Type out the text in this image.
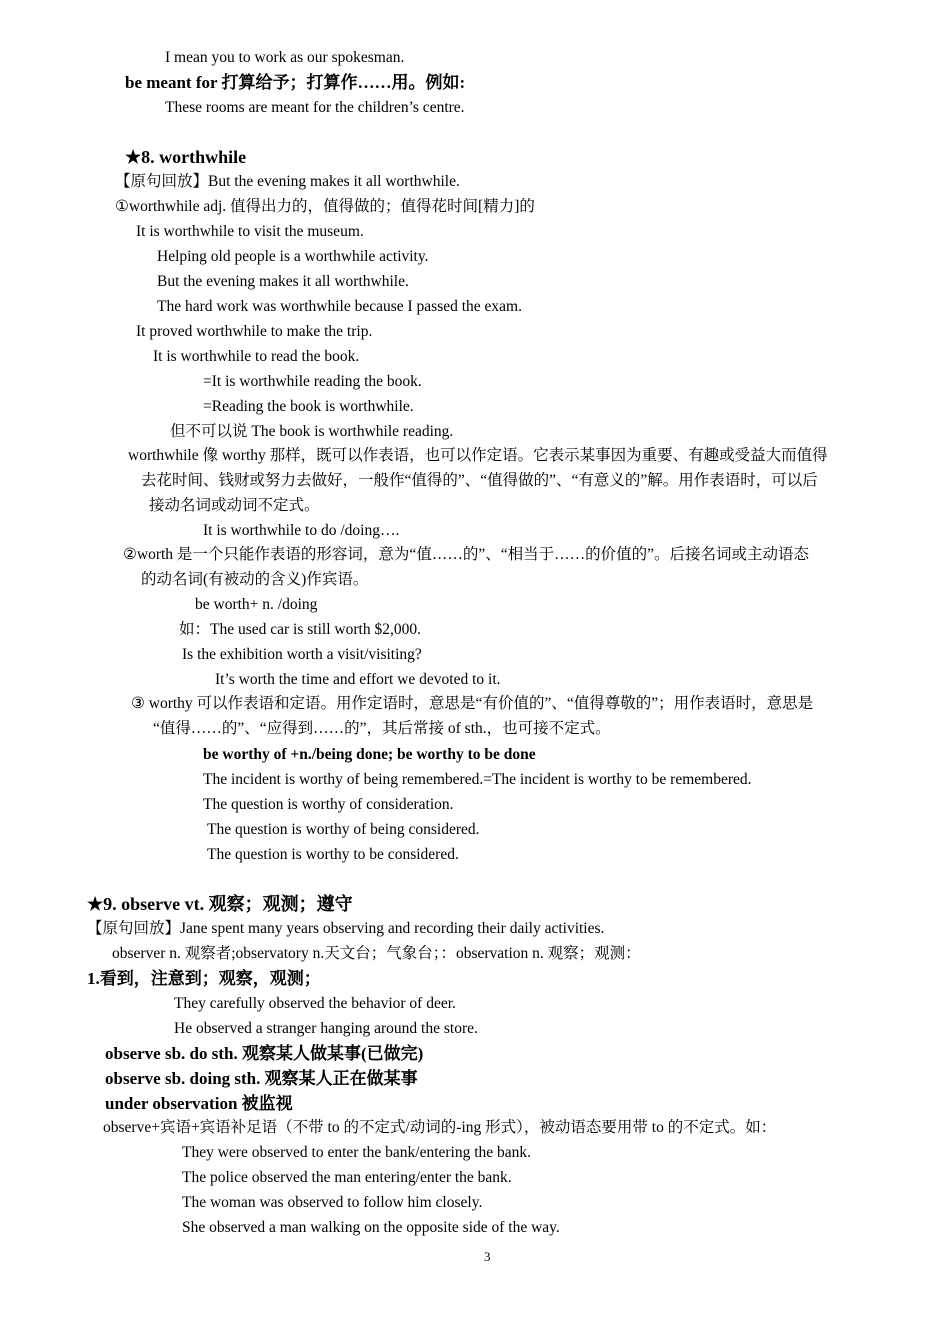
I mean you to work as our spokesman.
be meant for 打算给予；打算作……用。例如:
These rooms are meant for the children’s centre.
★8. worthwhile
【原句回放】But the evening makes it all worthwhile.
①worthwhile adj. 值得出力的，值得做的；值得花时间[精力]的
It is worthwhile to visit the museum.
Helping old people is a worthwhile activity.
But the evening makes it all worthwhile.
The hard work was worthwhile because I passed the exam.
It proved worthwhile to make the trip.
It is worthwhile to read the book.
=It is worthwhile reading the book.
=Reading the book is worthwhile.
但不可以说 The book is worthwhile reading.
worthwhile 像 worthy 那样，既可以作表语，也可以作定语。它表示某事因为重要、有趣或受益大而值得
去花时间、钱财或努力去做好，一般作“值得的”、“值得做的”、“有意义的”解。用作表语时，可以后
接动名词或动词不定式。
It is worthwhile to do /doing….
②worth 是一个只能作表语的形容词，意为“值……的”、“相当于……的价值的”。后接名词或主动语态
的动名词(有被动的含义)作宾语。
be worth+ n. /doing
如：The used car is still worth $2,000.
Is the exhibition worth a visit/visiting?
It’s worth the time and effort we devoted to it.
③ worthy 可以作表语和定语。用作定语时，意思是“有价值的”、“值得尊敬的”；用作表语时，意思是
“值得……的”、“应得到……的”，其后常接 of sth.，也可接不定式。
be worthy of +n./being done; be worthy to be done
The incident is worthy of being remembered.=The incident is worthy to be remembered.
The question is worthy of consideration.
The question is worthy of being considered.
The question is worthy to be considered.
★9. observe vt. 观察；观测；遵守
【原句回放】Jane spent many years observing and recording their daily activities.
observer n. 观察者;observatory n.天文台；气象台；：observation n. 观察；观测：
1.看到，注意到；观察，观测；
They carefully observed the behavior of deer.
He observed a stranger hanging around the store.
observe sb. do sth. 观察某人做某事(已做完)
observe sb. doing sth. 观察某人正在做某事
under observation 被监视
observe+宾语+宾语补足语（不带 to 的不定式/动词的-ing 形式），被动语态要用带 to 的不定式。如：
They were observed to enter the bank/entering the bank.
The police observed the man entering/enter the bank.
The woman was observed to follow him closely.
She observed a man walking on the opposite side of the way.
3
